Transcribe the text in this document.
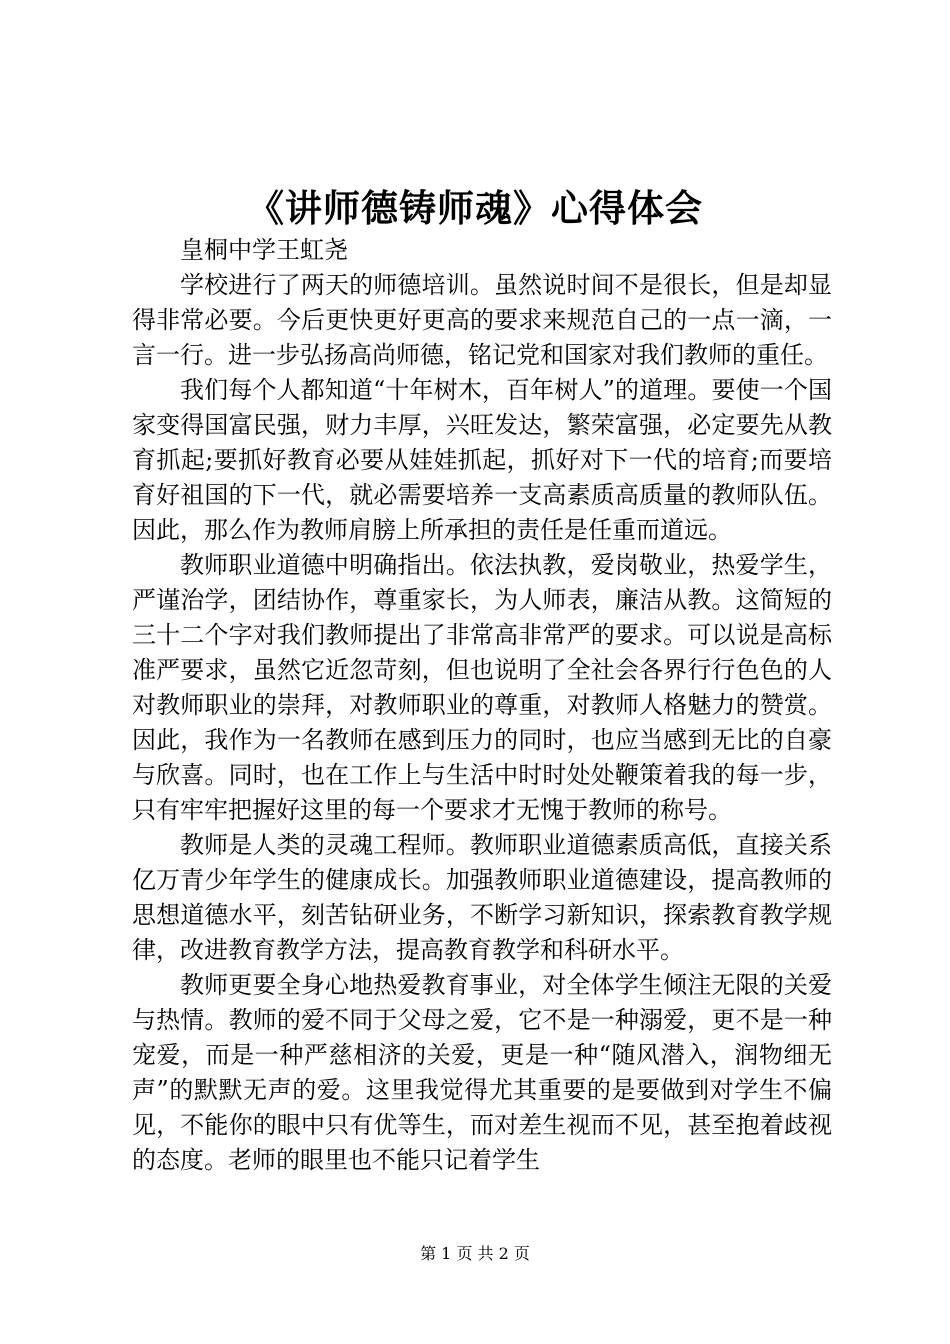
《讲师德铸师魂》心得体会

皇桐中学王虹尧

学校进行了两天的师德培训。虽然说时间不是很长，但是却显得非常必要。今后更快更好更高的要求来规范自己的一点一滴，一言一行。进一步弘扬高尚师德，铭记党和国家对我们教师的重任。

我们每个人都知道“十年树木，百年树人”的道理。要使一个国家变得国富民强，财力丰厚，兴旺发达，繁荣富强，必定要先从教育抓起;要抓好教育必要从娃娃抓起，抓好对下一代的培育;而要培育好祖国的下一代，就必需要培养一支高素质高质量的教师队伍。因此，那么作为教师肩膀上所承担的责任是任重而道远。

教师职业道德中明确指出。依法执教，爱岗敬业，热爱学生，严谨治学，团结协作，尊重家长，为人师表，廉洁从教。这简短的三十二个字对我们教师提出了非常高非常严的要求。可以说是高标准严要求，虽然它近忽苛刻，但也说明了全社会各界行行色色的人对教师职业的崇拜，对教师职业的尊重，对教师人格魅力的赞赏。因此，我作为一名教师在感到压力的同时，也应当感到无比的自豪与欣喜。同时，也在工作上与生活中时时处处鞭策着我的每一步，只有牢牢把握好这里的每一个要求才无愧于教师的称号。

教师是人类的灵魂工程师。教师职业道德素质高低，直接关系亿万青少年学生的健康成长。加强教师职业道德建设，提高教师的思想道德水平，刻苦钻研业务，不断学习新知识，探索教育教学规律，改进教育教学方法，提高教育教学和科研水平。

教师更要全身心地热爱教育事业，对全体学生倾注无限的关爱与热情。教师的爱不同于父母之爱，它不是一种溺爱，更不是一种宠爱，而是一种严慈相济的关爱，更是一种“随风潜入，润物细无声”的默默无声的爱。这里我觉得尤其重要的是要做到对学生不偏见，不能你的眼中只有优等生，而对差生视而不见，甚至抱着歧视的态度。老师的眼里也不能只记着学生

第 1 页 共 2 页
